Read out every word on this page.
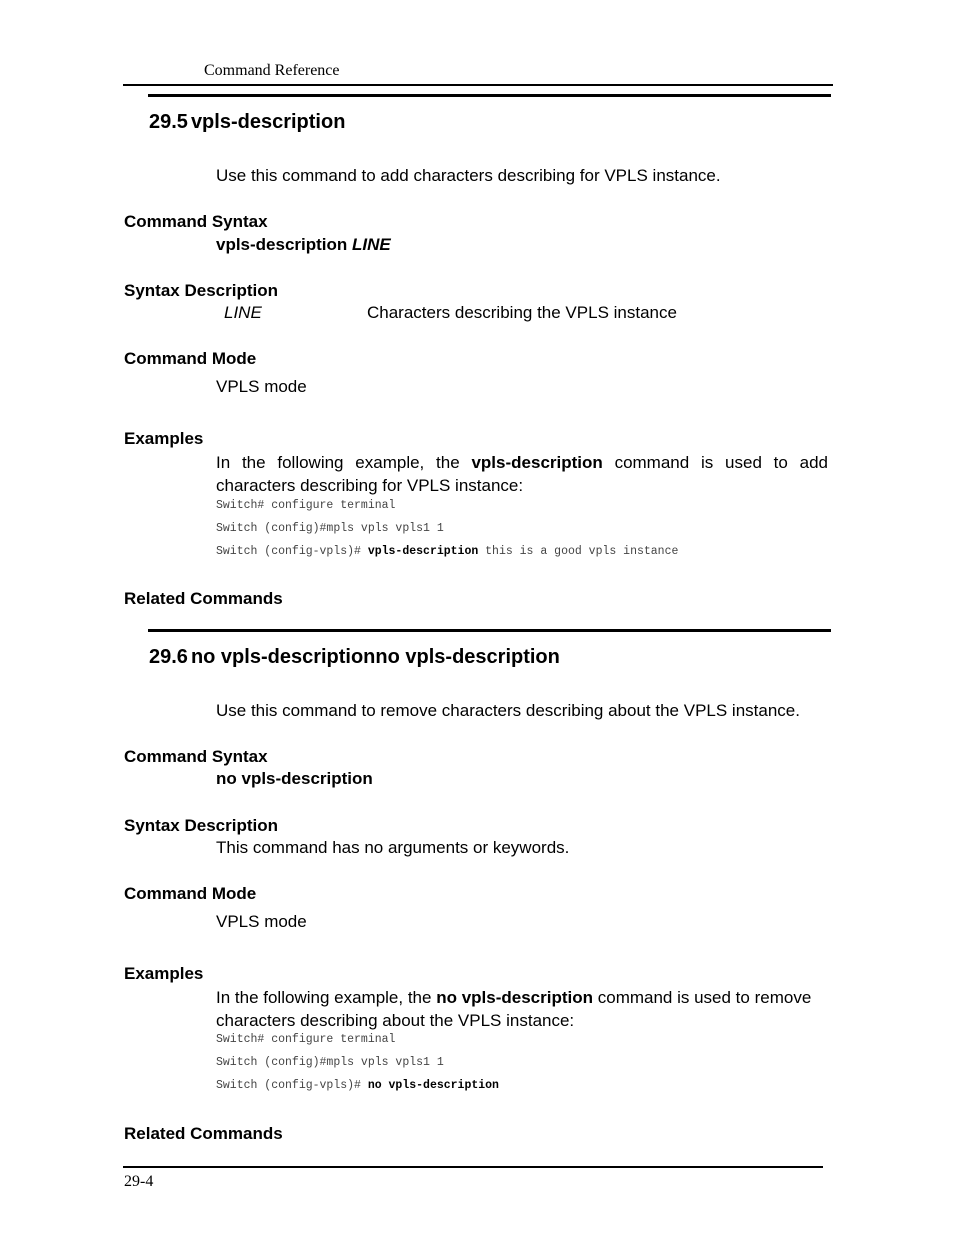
Command Reference
29.5 vpls-description
Use this command to add characters describing for VPLS instance.
Command Syntax
vpls-description LINE
Syntax Description
LINE	Characters describing the VPLS instance
Command Mode
VPLS mode
Examples
In the following example, the vpls-description command is used to add characters describing for VPLS instance:
Switch# configure terminal
Switch (config)#mpls vpls vpls1 1
Switch (config-vpls)# vpls-description this is a good vpls instance
Related Commands
29.6 no vpls-descriptionno vpls-description
Use this command to remove characters describing about the VPLS instance.
Command Syntax
no vpls-description
Syntax Description
This command has no arguments or keywords.
Command Mode
VPLS mode
Examples
In the following example, the no vpls-description command is used to remove characters describing about the VPLS instance:
Switch# configure terminal
Switch (config)#mpls vpls vpls1 1
Switch (config-vpls)# no vpls-description
Related Commands
29-4
